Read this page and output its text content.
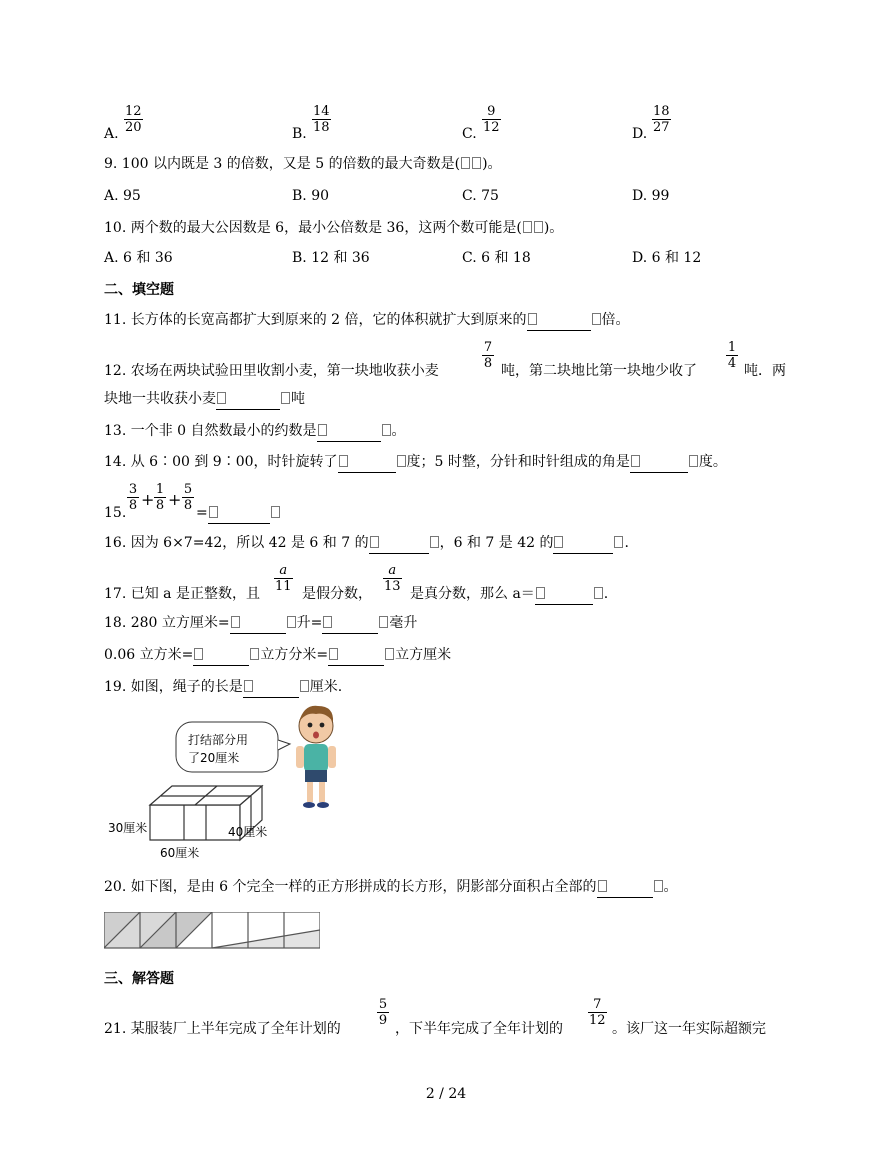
A.
12
20	B.
14
18	C.
9
12	D.
18
27
9. 100 以内既是 3 的倍数，又是 5 的倍数的最大奇数是( )。
A. 95	B. 90	C. 75	D. 99
10. 两个数的最大公因数是 6，最小公倍数是 36，这两个数可能是( )。
A. 6 和 36	B. 12 和 36	C. 6 和 18	D. 6 和 12
二、填空题
11. 长方体的长宽高都扩大到原来的 2 倍，它的体积就扩大到原来的	倍。
12. 农场在两块试验田里收割小麦，第一块地收获小麦
7
8 吨，第二块地比第一块地少收了
1
4 吨．两
块地一共收获小麦	吨
13. 一个非 0 自然数最小的约数是	。
14. 从 6∶00 到 9∶00，时针旋转了	度；5 时整，分针和时针组成的角是	度。
15.
3
8 +
1
8 +
5
8 =
16. 因为 6×7=42，所以 42 是 6 和 7 的	，6 和 7 是 42 的	.
17. 已知 a 是正整数，且
a
11 是假分数，
a
13 是真分数，那么 a＝	.
18. 280 立方厘米=	升=	毫升
0.06 立方米=	立方分米=	立方厘米
19. 如图，绳子的长是	厘米.
打结部分用
了20厘米
30厘米
60厘米
40厘米
20. 如下图，是由 6 个完全一样的正方形拼成的长方形，阴影部分面积占全部的	。
三、解答题
21. 某服装厂上半年完成了全年计划的
5
9
，下半年完成了全年计划的
7
12
。该厂这一年实际超额完
2 / 24
